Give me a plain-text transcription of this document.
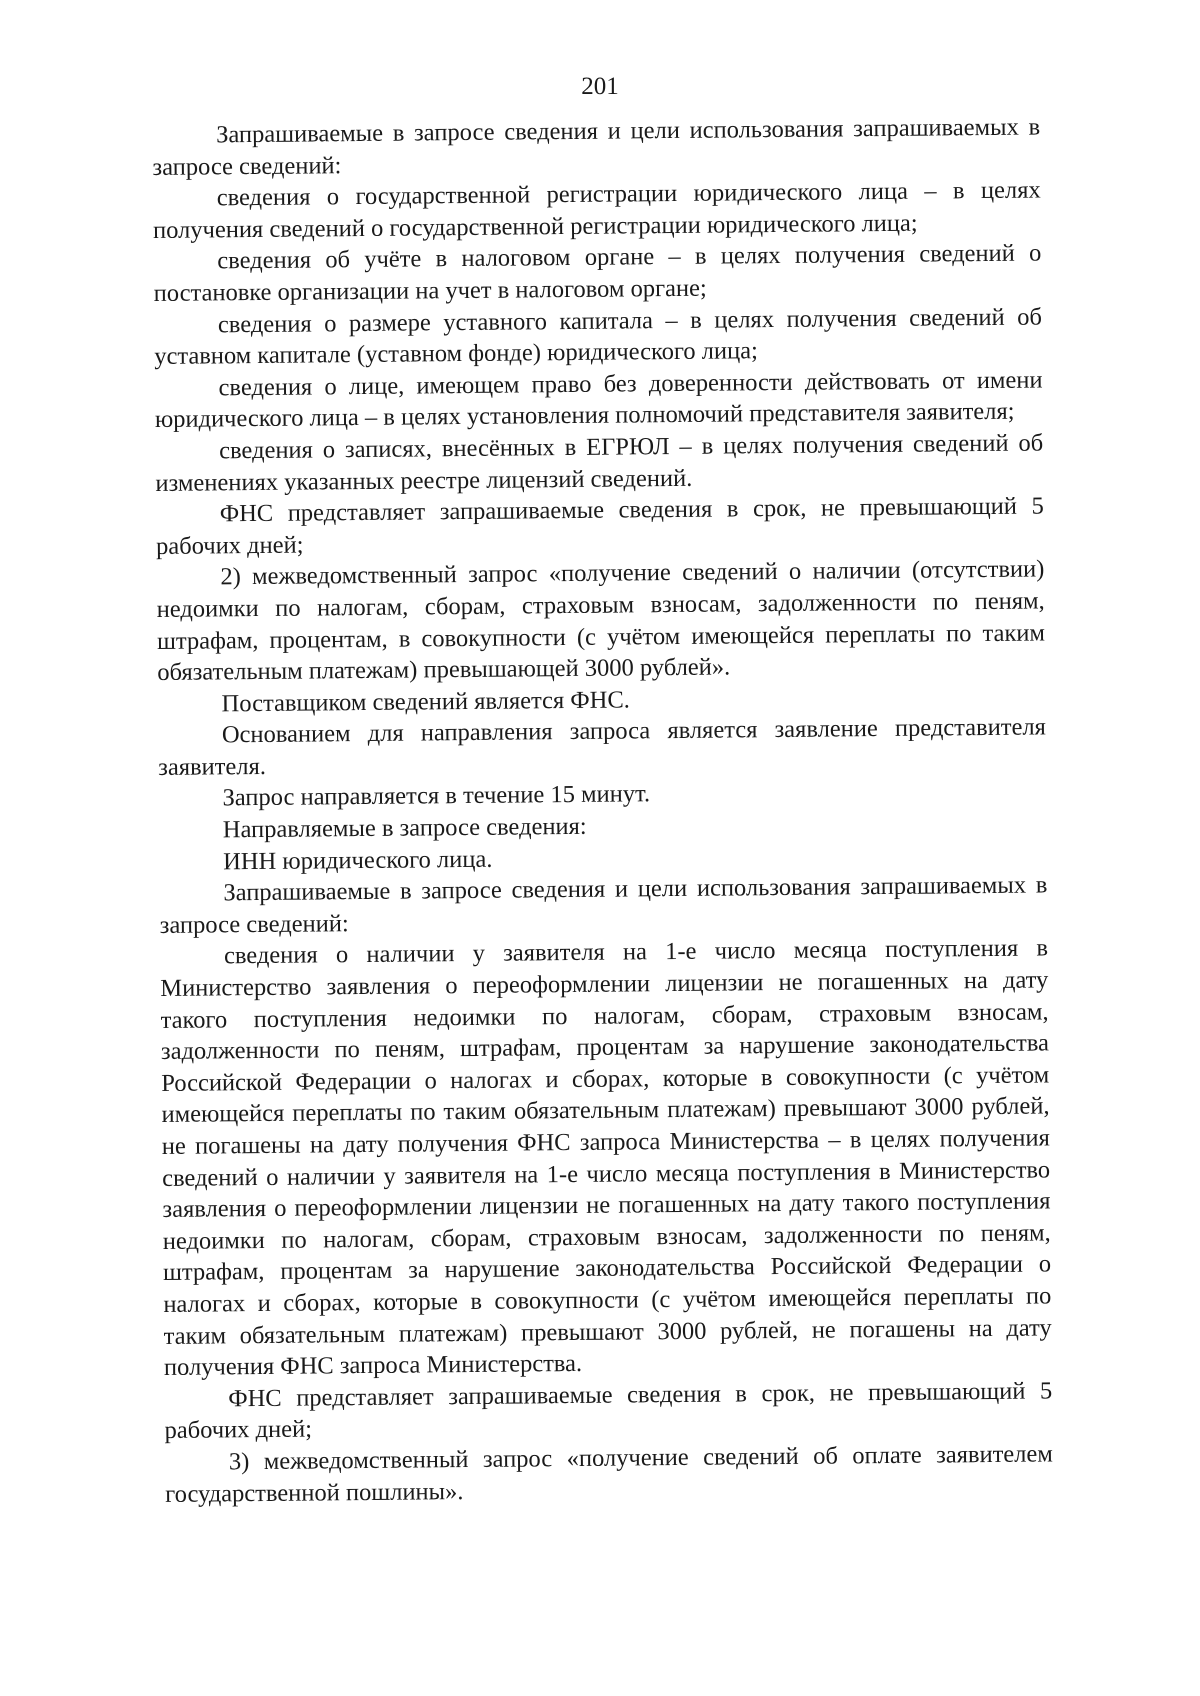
201

Запрашиваемые в запросе сведения и цели использования запрашиваемых в запросе сведений:

сведения о государственной регистрации юридического лица – в целях получения сведений о государственной регистрации юридического лица;

сведения об учёте в налоговом органе – в целях получения сведений о постановке организации на учет в налоговом органе;

сведения о размере уставного капитала – в целях получения сведений об уставном капитале (уставном фонде) юридического лица;

сведения о лице, имеющем право без доверенности действовать от имени юридического лица – в целях установления полномочий представителя заявителя;

сведения о записях, внесённых в ЕГРЮЛ – в целях получения сведений об изменениях указанных реестре лицензий сведений.

ФНС представляет запрашиваемые сведения в срок, не превышающий 5 рабочих дней;

2) межведомственный запрос «получение сведений о наличии (отсутствии) недоимки по налогам, сборам, страховым взносам, задолженности по пеням, штрафам, процентам, в совокупности (с учётом имеющейся переплаты по таким обязательным платежам) превышающей 3000 рублей».

Поставщиком сведений является ФНС.

Основанием для направления запроса является заявление представителя заявителя.

Запрос направляется в течение 15 минут.

Направляемые в запросе сведения:

ИНН юридического лица.

Запрашиваемые в запросе сведения и цели использования запрашиваемых в запросе сведений:

сведения о наличии у заявителя на 1-е число месяца поступления в Министерство заявления о переоформлении лицензии не погашенных на дату такого поступления недоимки по налогам, сборам, страховым взносам, задолженности по пеням, штрафам, процентам за нарушение законодательства Российской Федерации о налогах и сборах, которые в совокупности (с учётом имеющейся переплаты по таким обязательным платежам) превышают 3000 рублей, не погашены на дату получения ФНС запроса Министерства – в целях получения сведений о наличии у заявителя на 1-е число месяца поступления в Министерство заявления о переоформлении лицензии не погашенных на дату такого поступления недоимки по налогам, сборам, страховым взносам, задолженности по пеням, штрафам, процентам за нарушение законодательства Российской Федерации о налогах и сборах, которые в совокупности (с учётом имеющейся переплаты по таким обязательным платежам) превышают 3000 рублей, не погашены на дату получения ФНС запроса Министерства.

ФНС представляет запрашиваемые сведения в срок, не превышающий 5 рабочих дней;

3) межведомственный запрос «получение сведений об оплате заявителем государственной пошлины».
